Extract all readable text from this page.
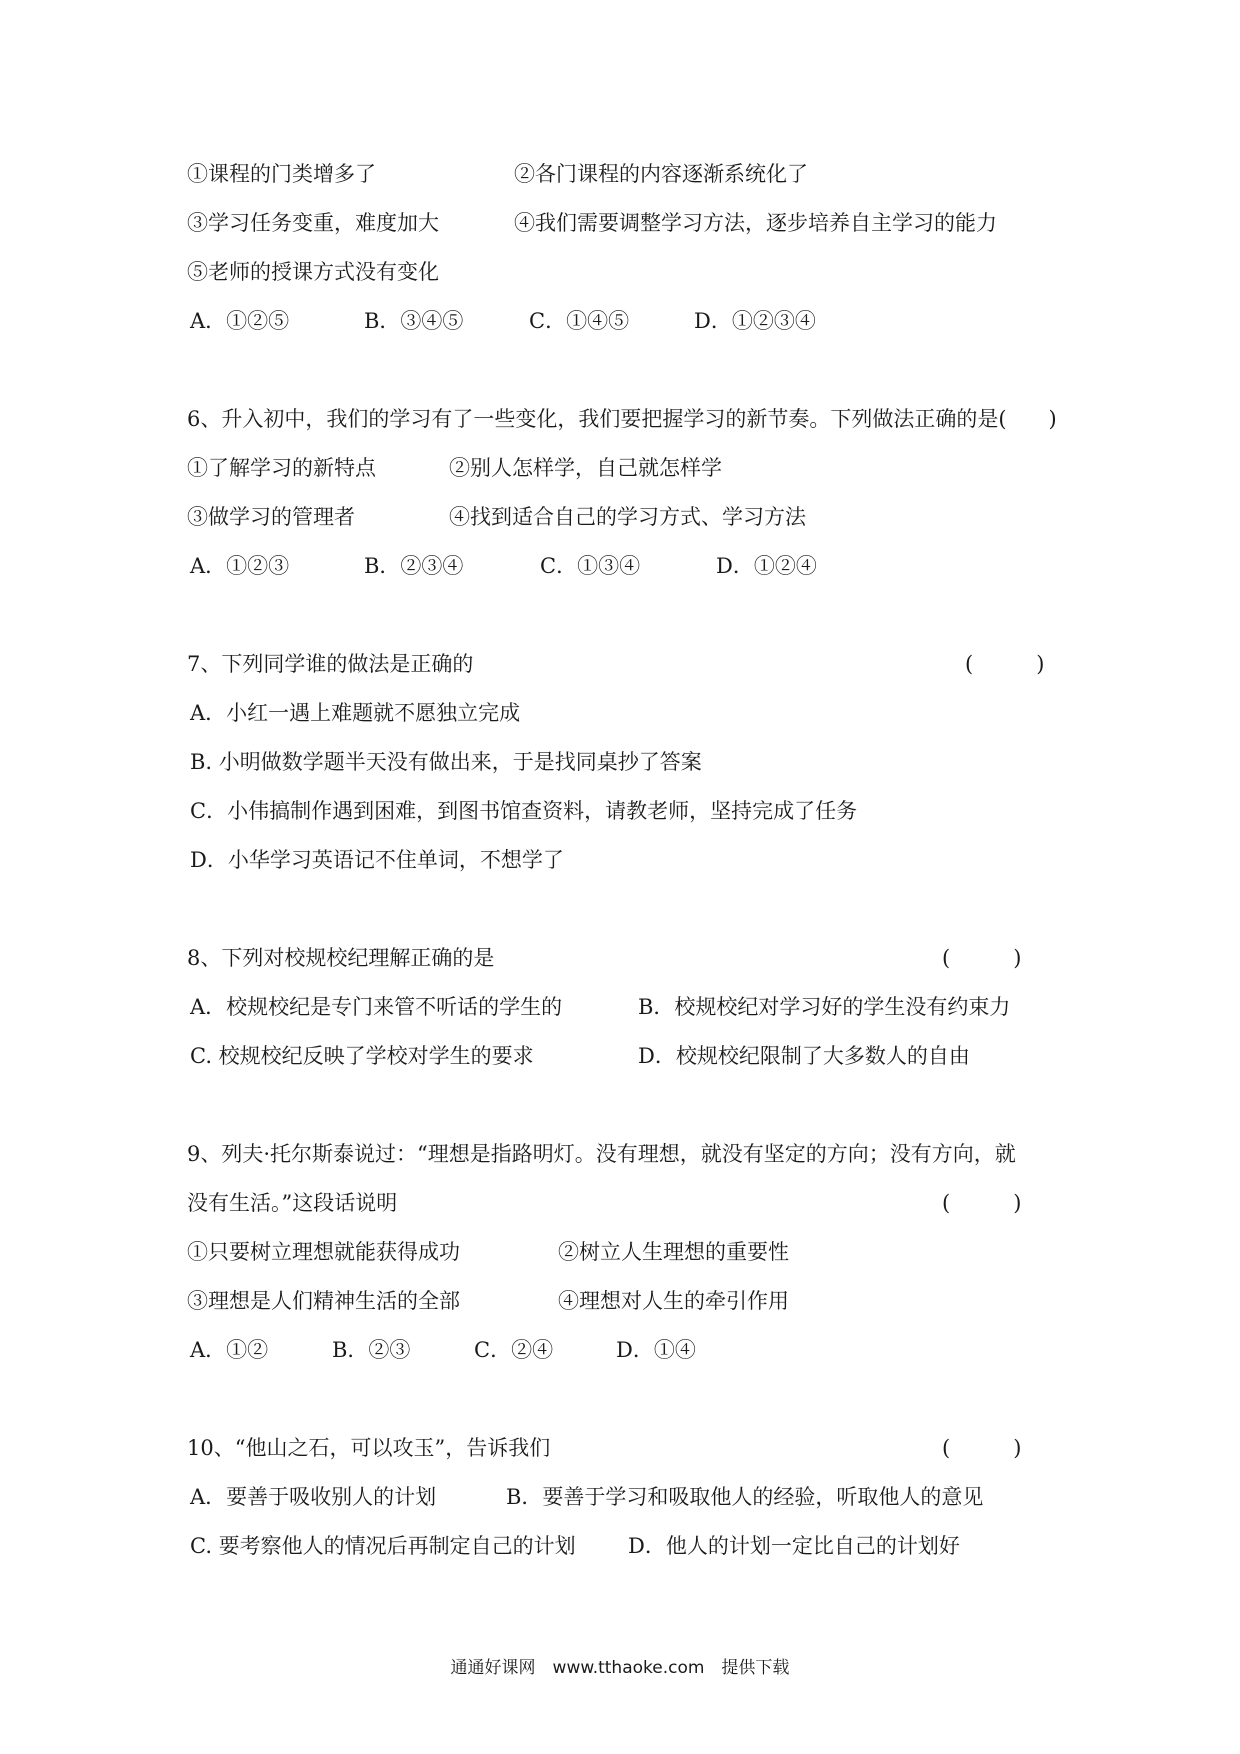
①课程的门类增多了	②各门课程的内容逐渐系统化了
③学习任务变重，难度加大	④我们需要调整学习方法，逐步培养自主学习的能力
⑤老师的授课方式没有变化
A．①②⑤	B．③④⑤	C．①④⑤	D．①②③④
6、升入初中，我们的学习有了一些变化，我们要把握学习的新节奏。下列做法正确的是(　　)
①了解学习的新特点	②别人怎样学，自己就怎样学
③做学习的管理者	④找到适合自己的学习方式、学习方法
A．①②③	B．②③④	C．①③④	D．①②④
7、下列同学谁的做法是正确的	(　　　)
A．小红一遇上难题就不愿独立完成
B. 小明做数学题半天没有做出来，于是找同桌抄了答案
C．小伟搞制作遇到困难，到图书馆查资料，请教老师，坚持完成了任务
D．小华学习英语记不住单词，不想学了
8、下列对校规校纪理解正确的是	(　　　)
A．校规校纪是专门来管不听话的学生的	B．校规校纪对学习好的学生没有约束力
C. 校规校纪反映了学校对学生的要求	D．校规校纪限制了大多数人的自由
9、列夫·托尔斯泰说过：“理想是指路明灯。没有理想，就没有坚定的方向；没有方向，就
没有生活。”这段话说明	(　　　)
①只要树立理想就能获得成功	②树立人生理想的重要性
③理想是人们精神生活的全部	④理想对人生的牵引作用
A．①②	B．②③	C．②④	D．①④
10、“他山之石，可以攻玉”，告诉我们	(　　　)
A．要善于吸收别人的计划	B．要善于学习和吸取他人的经验，听取他人的意见
C. 要考察他人的情况后再制定自己的计划 D．他人的计划一定比自己的计划好
通通好课网　www.tthaoke.com　提供下载
